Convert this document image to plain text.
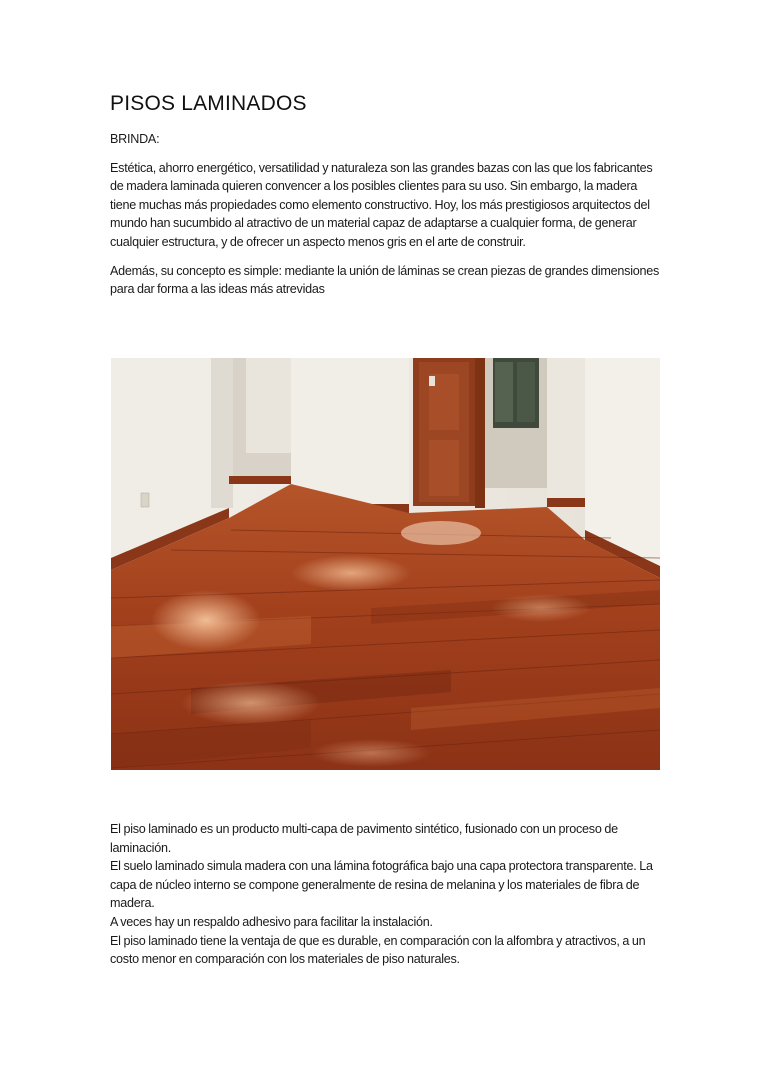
PISOS LAMINADOS

BRINDA:

Estética, ahorro energético, versatilidad y naturaleza son las grandes bazas con las que los fabricantes de madera laminada quieren convencer a los posibles clientes para su uso. Sin embargo, la madera tiene muchas más propiedades como elemento constructivo. Hoy, los más prestigiosos arquitectos del mundo han sucumbido al atractivo de un material capaz de adaptarse a cualquier forma, de generar cualquier estructura, y de ofrecer un aspecto menos gris en el arte de construir.

Además, su concepto es simple: mediante la unión de láminas se crean piezas de grandes dimensiones para dar forma a las ideas más atrevidas

El piso laminado es un producto multi-capa de pavimento sintético, fusionado con un proceso de laminación.

El suelo laminado simula madera con una lámina fotográfica bajo una capa protectora transparente. La capa de núcleo interno se compone generalmente de resina de melanina y los materiales de fibra de madera.

A veces hay un respaldo adhesivo para facilitar la instalación.

El piso laminado tiene la ventaja de que es durable, en comparación con la alfombra y atractivos, a un costo menor en comparación con los materiales de piso naturales.
